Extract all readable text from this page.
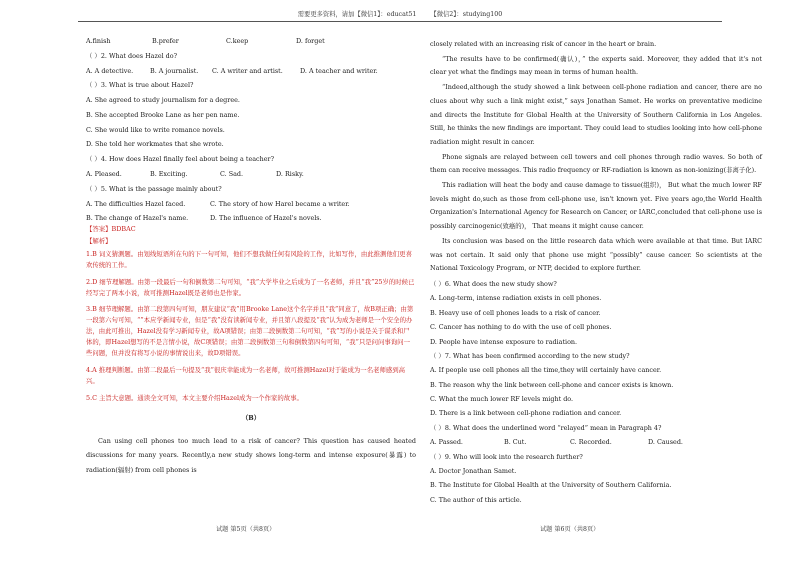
需要更多资料，请加【微信1】：educat51 【微信2】：studying100
A.finish	B.prefer	C.keep	D. forget
（ ）2. What does Hazel do?
A. A detective.	B. A journalist.	C. A writer and artist.	D. A teacher and writer.
（ ）3. What is true about Hazel?
A. She agreed to study journalism for a degree.
B. She accepted Brooke Lane as her pen name.
C. She would like to write romance novels.
D. She told her workmates that she wrote.
（ ）4. How does Hazel finally feel about being a teacher?
A. Pleased.	B. Exciting.	C. Sad.	D. Risky.
（ ）5. What is the passage mainly about?
A. The difficulties Hazel faced.	C. The story of how Harel became a writer.
B. The change of Hazel's name.	D. The influence of Hazel's novels.
【答案】BDBAC
【解析】
1.B 词义猜测题。由划线短语所在句的下一句可知，他们不想我做任何有风险的工作，比如写作，由此推测他们更喜欢传统的工作。
2.D 细节理解题。由第一段最后一句和倒数第二句可知，“我”大学毕业之后成为了一名老师，并且“我”25岁的时候已经写完了两本小说，故可推测Hazel既是老师也是作家。
3.B 细节理解题。由第二段第四句可知，朋友建议“我”用Brooke Lane这个名字并且“我”同意了，故B项正确；由第一段第六句可知，“”本应学新闻专业，但是“我”没有读新闻专业，并且第八段提及“我”认为成为老师是一个安全的办法，由此可推出，Hazel没有学习新闻专业，故A项错误；由第二段倒数第二句可知，“我”写的小说是关于谋杀和尸体的，即Hazel想写的不是言情小说，故C项错误；由第二段倒数第三句和倒数第四句可知，“我”只是问问事询问一些问题，但并没有将写小说的事情说出来，故D项错误。
4.A 推理判断题。由第二段最后一句提及“我”很庆幸能成为一名老师，故可推测Hazel对于能成为一名老师感到高兴。
5.C 主旨大意题。通读全文可知，本文主要介绍Hazel成为一个作家的故事。
（B）
Can using cell phones too much lead to a risk of cancer? This question has caused heated discussions for many years. Recently,a new study shows long-term and intense exposure(暴露) to radiation(辐射) from cell phones is
试题 第5页（共8页）
closely related with an increasing risk of cancer in the heart or brain.
“The results have to be confirmed(确认)，” the experts said. Moreover, they added that it's not clear yet what the findings may mean in terms of human health.
“Indeed,although the study showed a link between cell-phone radiation and cancer, there are no clues about why such a link might exist,” says Jonathan Samet. He works on preventative medicine and directs the Institute for Global Health at the University of Southern California in Los Angeles. Still, he thinks the new findings are important. They could lead to studies looking into how cell-phone radiation might result in cancer.
Phone signals are relayed between cell towers and cell phones through radio waves. So both of them can receive messages. This radio frequency or RF-radiation is known as non-ionizing(非离子化).
This radiation will heat the body and cause damage to tissue(组织)， But what the much lower RF levels might do,such as those from cell-phone use, isn't known yet. Five years ago,the World Health Organization's International Agency for Research on Cancer, or IARC,concluded that cell-phone use is possibly carcinogenic(致癌的)， That means it might cause cancer.
Its conclusion was based on the little research data which were available at that time. But IARC was not certain. It said only that phone use might “possibly” cause cancer. So scientists at the National Toxicology Program, or NTP, decided to explore further.
（ ）6. What does the new study show?
A. Long-term, intense radiation exists in cell phones.
B. Heavy use of cell phones leads to a risk of cancer.
C. Cancer has nothing to do with the use of cell phones.
D. People have intense exposure to radiation.
（ ）7. What has been confirmed according to the new study?
A. If people use cell phones all the time,they will certainly have cancer.
B. The reason why the link between cell-phone and cancer exists is known.
C. What the much lower RF levels might do.
D. There is a link between cell-phone radiation and cancer.
（ ）8. What does the underlined word “relayed” mean in Paragraph 4?
A. Passed.	B. Cut.	C. Recorded.	D. Caused.
（ ）9. Who will look into the research further?
A. Doctor Jonathan Samet.
B. The Institute for Global Health at the University of Southern California.
C. The author of this article.
试题 第6页（共8页）
